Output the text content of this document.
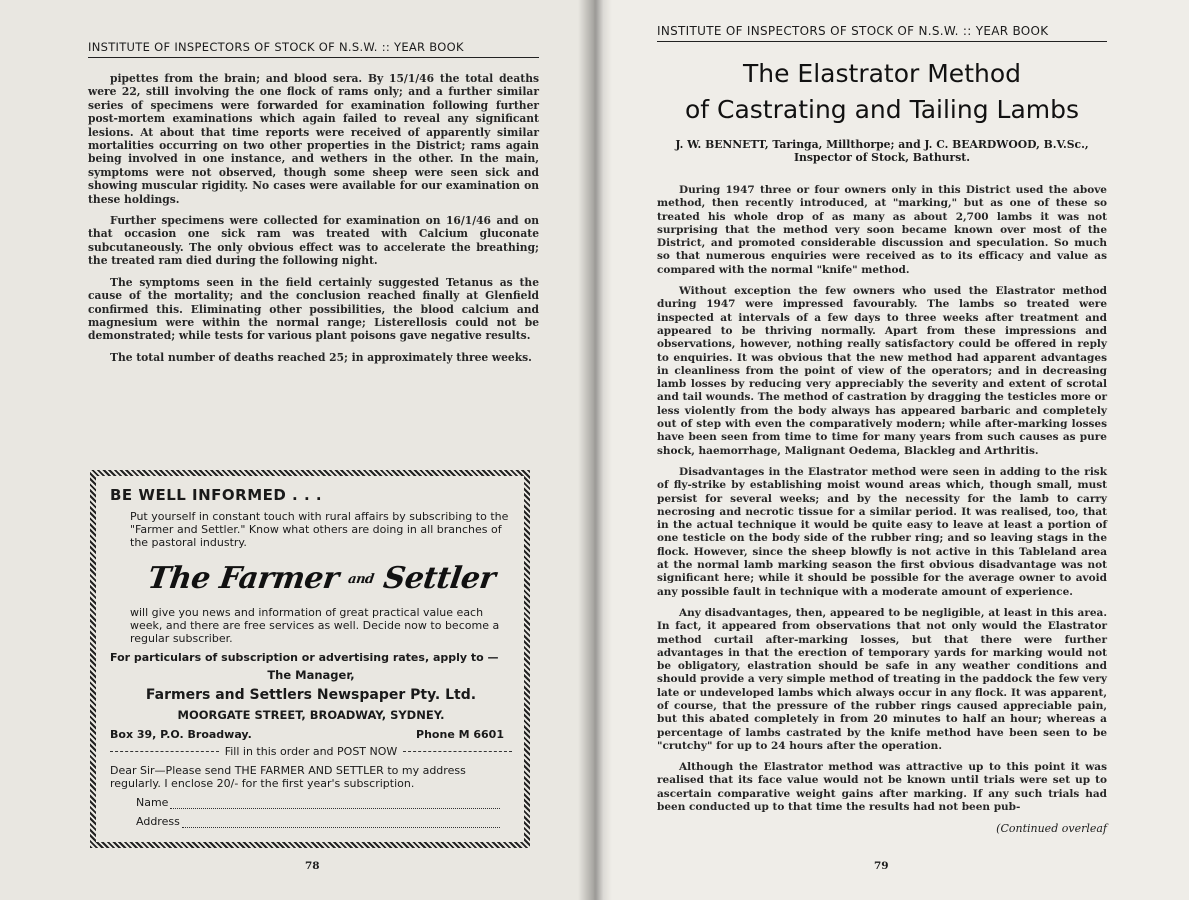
INSTITUTE OF INSPECTORS OF STOCK OF N.S.W. :: YEAR BOOK

pipettes from the brain; and blood sera. By 15/1/46 the total deaths were 22, still involving the one flock of rams only; and a further similar series of specimens were forwarded for examination following further post-mortem examinations which again failed to reveal any significant lesions. At about that time reports were received of apparently similar mortalities occurring on two other properties in the District; rams again being involved in one instance, and wethers in the other. In the main, symptoms were not observed, though some sheep were seen sick and showing muscular rigidity. No cases were available for our examination on these holdings.

Further specimens were collected for examination on 16/1/46 and on that occasion one sick ram was treated with Calcium gluconate subcutaneously. The only obvious effect was to accelerate the breathing; the treated ram died during the following night.

The symptoms seen in the field certainly suggested Tetanus as the cause of the mortality; and the conclusion reached finally at Glenfield confirmed this. Eliminating other possibilities, the blood calcium and magnesium were within the normal range; Listerellosis could not be demonstrated; while tests for various plant poisons gave negative results.

The total number of deaths reached 25; in approximately three weeks.

78
BE WELL INFORMED . . .
Put yourself in constant touch with rural affairs by subscribing to the "Farmer and Settler." Know what others are doing in all branches of the pastoral industry.
The Farmer and Settler
will give you news and information of great practical value each week, and there are free services as well. Decide now to become a regular subscriber.
For particulars of subscription or advertising rates, apply to —
The Manager,
Farmers and Settlers Newspaper Pty. Ltd.
MOORGATE STREET, BROADWAY, SYDNEY.
Box 39, P.O. Broadway.	Phone M 6601
Fill in this order and POST NOW
Dear Sir—Please send THE FARMER AND SETTLER to my address regularly. I enclose 20/- for the first year's subscription.
Name
Address
INSTITUTE OF INSPECTORS OF STOCK OF N.S.W. :: YEAR BOOK
The Elastrator Method
of Castrating and Tailing Lambs
J. W. BENNETT, Taringa, Millthorpe; and J. C. BEARDWOOD, B.V.Sc.,
Inspector of Stock, Bathurst.

During 1947 three or four owners only in this District used the above method, then recently introduced, at "marking," but as one of these so treated his whole drop of as many as about 2,700 lambs it was not surprising that the method very soon became known over most of the District, and promoted considerable discussion and speculation. So much so that numerous enquiries were received as to its efficacy and value as compared with the normal "knife" method.

Without exception the few owners who used the Elastrator method during 1947 were impressed favourably. The lambs so treated were inspected at intervals of a few days to three weeks after treatment and appeared to be thriving normally. Apart from these impressions and observations, however, nothing really satisfactory could be offered in reply to enquiries. It was obvious that the new method had apparent advantages in cleanliness from the point of view of the operators; and in decreasing lamb losses by reducing very appreciably the severity and extent of scrotal and tail wounds. The method of castration by dragging the testicles more or less violently from the body always has appeared barbaric and completely out of step with even the comparatively modern; while after-marking losses have been seen from time to time for many years from such causes as pure shock, haemorrhage, Malignant Oedema, Blackleg and Arthritis.

Disadvantages in the Elastrator method were seen in adding to the risk of fly-strike by establishing moist wound areas which, though small, must persist for several weeks; and by the necessity for the lamb to carry necrosing and necrotic tissue for a similar period. It was realised, too, that in the actual technique it would be quite easy to leave at least a portion of one testicle on the body side of the rubber ring; and so leaving stags in the flock. However, since the sheep blowfly is not active in this Tableland area at the normal lamb marking season the first obvious disadvantage was not significant here; while it should be possible for the average owner to avoid any possible fault in technique with a moderate amount of experience.

Any disadvantages, then, appeared to be negligible, at least in this area. In fact, it appeared from observations that not only would the Elastrator method curtail after-marking losses, but that there were further advantages in that the erection of temporary yards for marking would not be obligatory, elastration should be safe in any weather conditions and should provide a very simple method of treating in the paddock the few very late or undeveloped lambs which always occur in any flock. It was apparent, of course, that the pressure of the rubber rings caused appreciable pain, but this abated completely in from 20 minutes to half an hour; whereas a percentage of lambs castrated by the knife method have been seen to be "crutchy" for up to 24 hours after the operation.

Although the Elastrator method was attractive up to this point it was realised that its face value would not be known until trials were set up to ascertain comparative weight gains after marking. If any such trials had been conducted up to that time the results had not been pub-

(Continued overleaf
79
